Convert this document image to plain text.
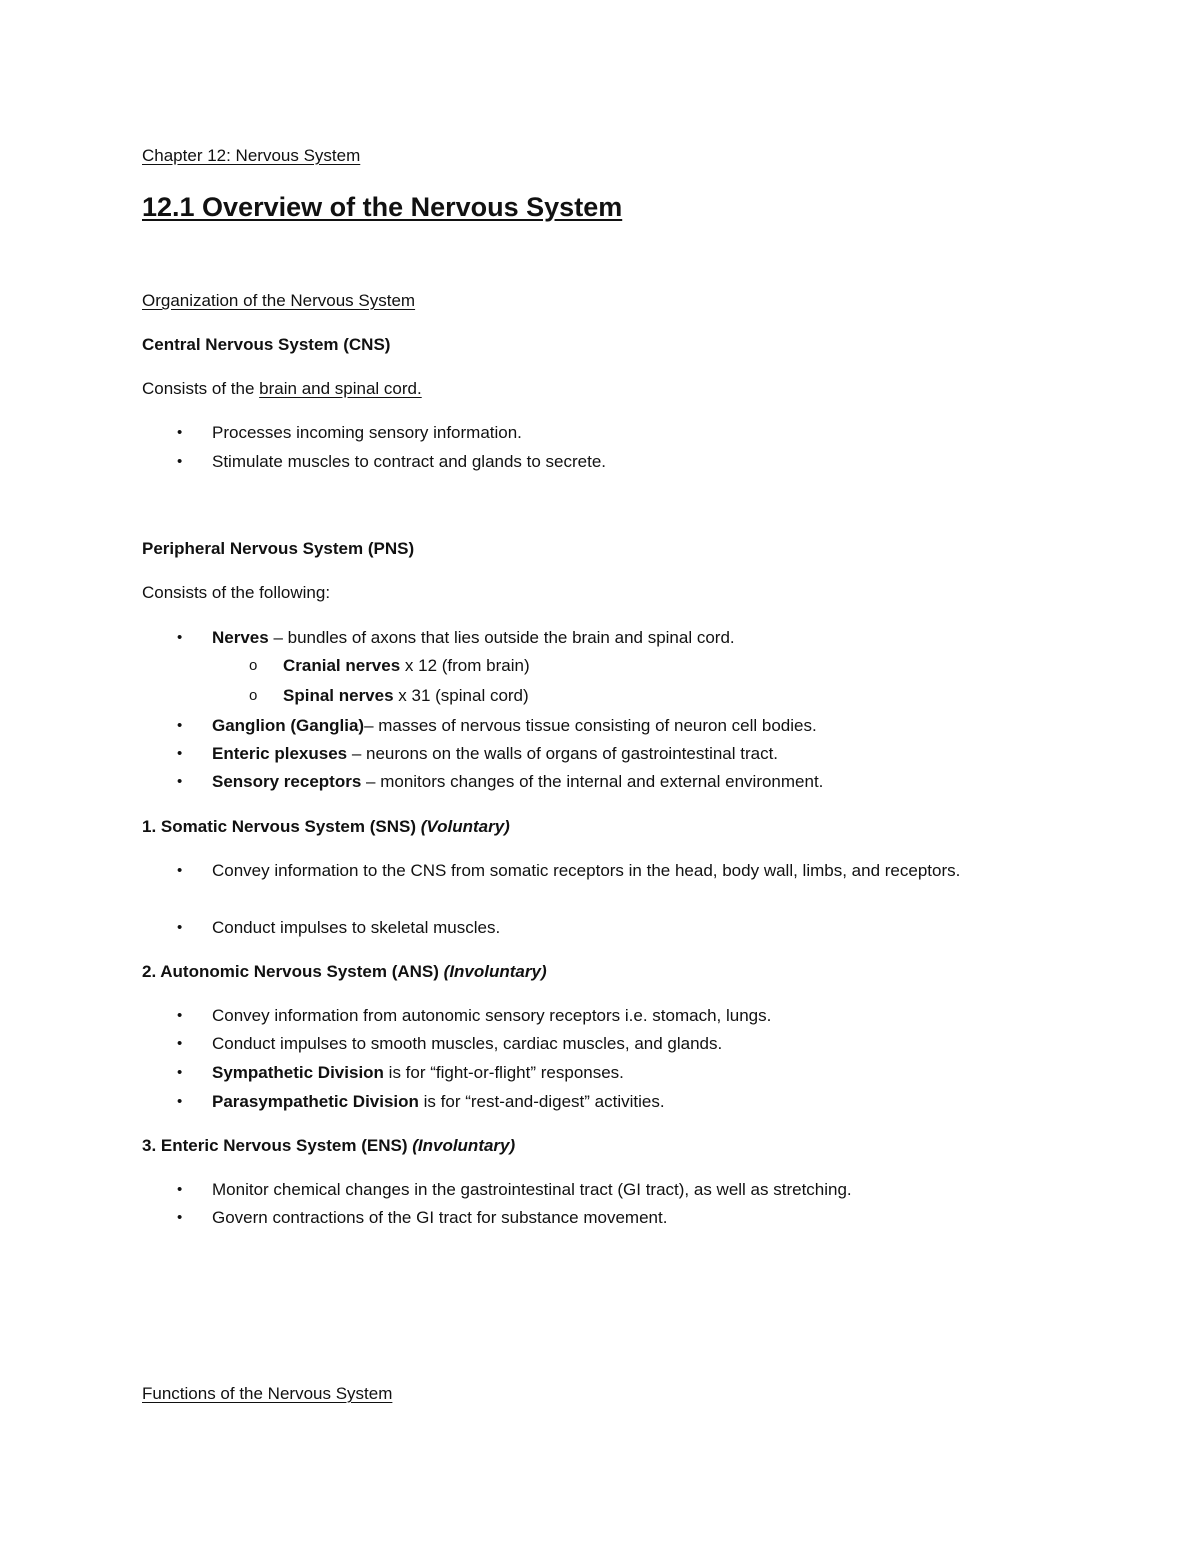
Chapter 12: Nervous System
12.1 Overview of the Nervous System
Organization of the Nervous System
Central Nervous System (CNS)
Consists of the brain and spinal cord.
• Processes incoming sensory information.
• Stimulate muscles to contract and glands to secrete.
Peripheral Nervous System (PNS)
Consists of the following:
• Nerves – bundles of axons that lies outside the brain and spinal cord.
o Cranial nerves x 12 (from brain)
o Spinal nerves x 31 (spinal cord)
• Ganglion (Ganglia)– masses of nervous tissue consisting of neuron cell bodies.
• Enteric plexuses – neurons on the walls of organs of gastrointestinal tract.
• Sensory receptors – monitors changes of the internal and external environment.
1. Somatic Nervous System (SNS) (Voluntary)
• Convey information to the CNS from somatic receptors in the head, body wall, limbs, and receptors.
• Conduct impulses to skeletal muscles.
2. Autonomic Nervous System (ANS) (Involuntary)
• Convey information from autonomic sensory receptors i.e. stomach, lungs.
• Conduct impulses to smooth muscles, cardiac muscles, and glands.
• Sympathetic Division is for “fight-or-flight” responses.
• Parasympathetic Division is for “rest-and-digest” activities.
3. Enteric Nervous System (ENS) (Involuntary)
• Monitor chemical changes in the gastrointestinal tract (GI tract), as well as stretching.
• Govern contractions of the GI tract for substance movement.
Functions of the Nervous System
